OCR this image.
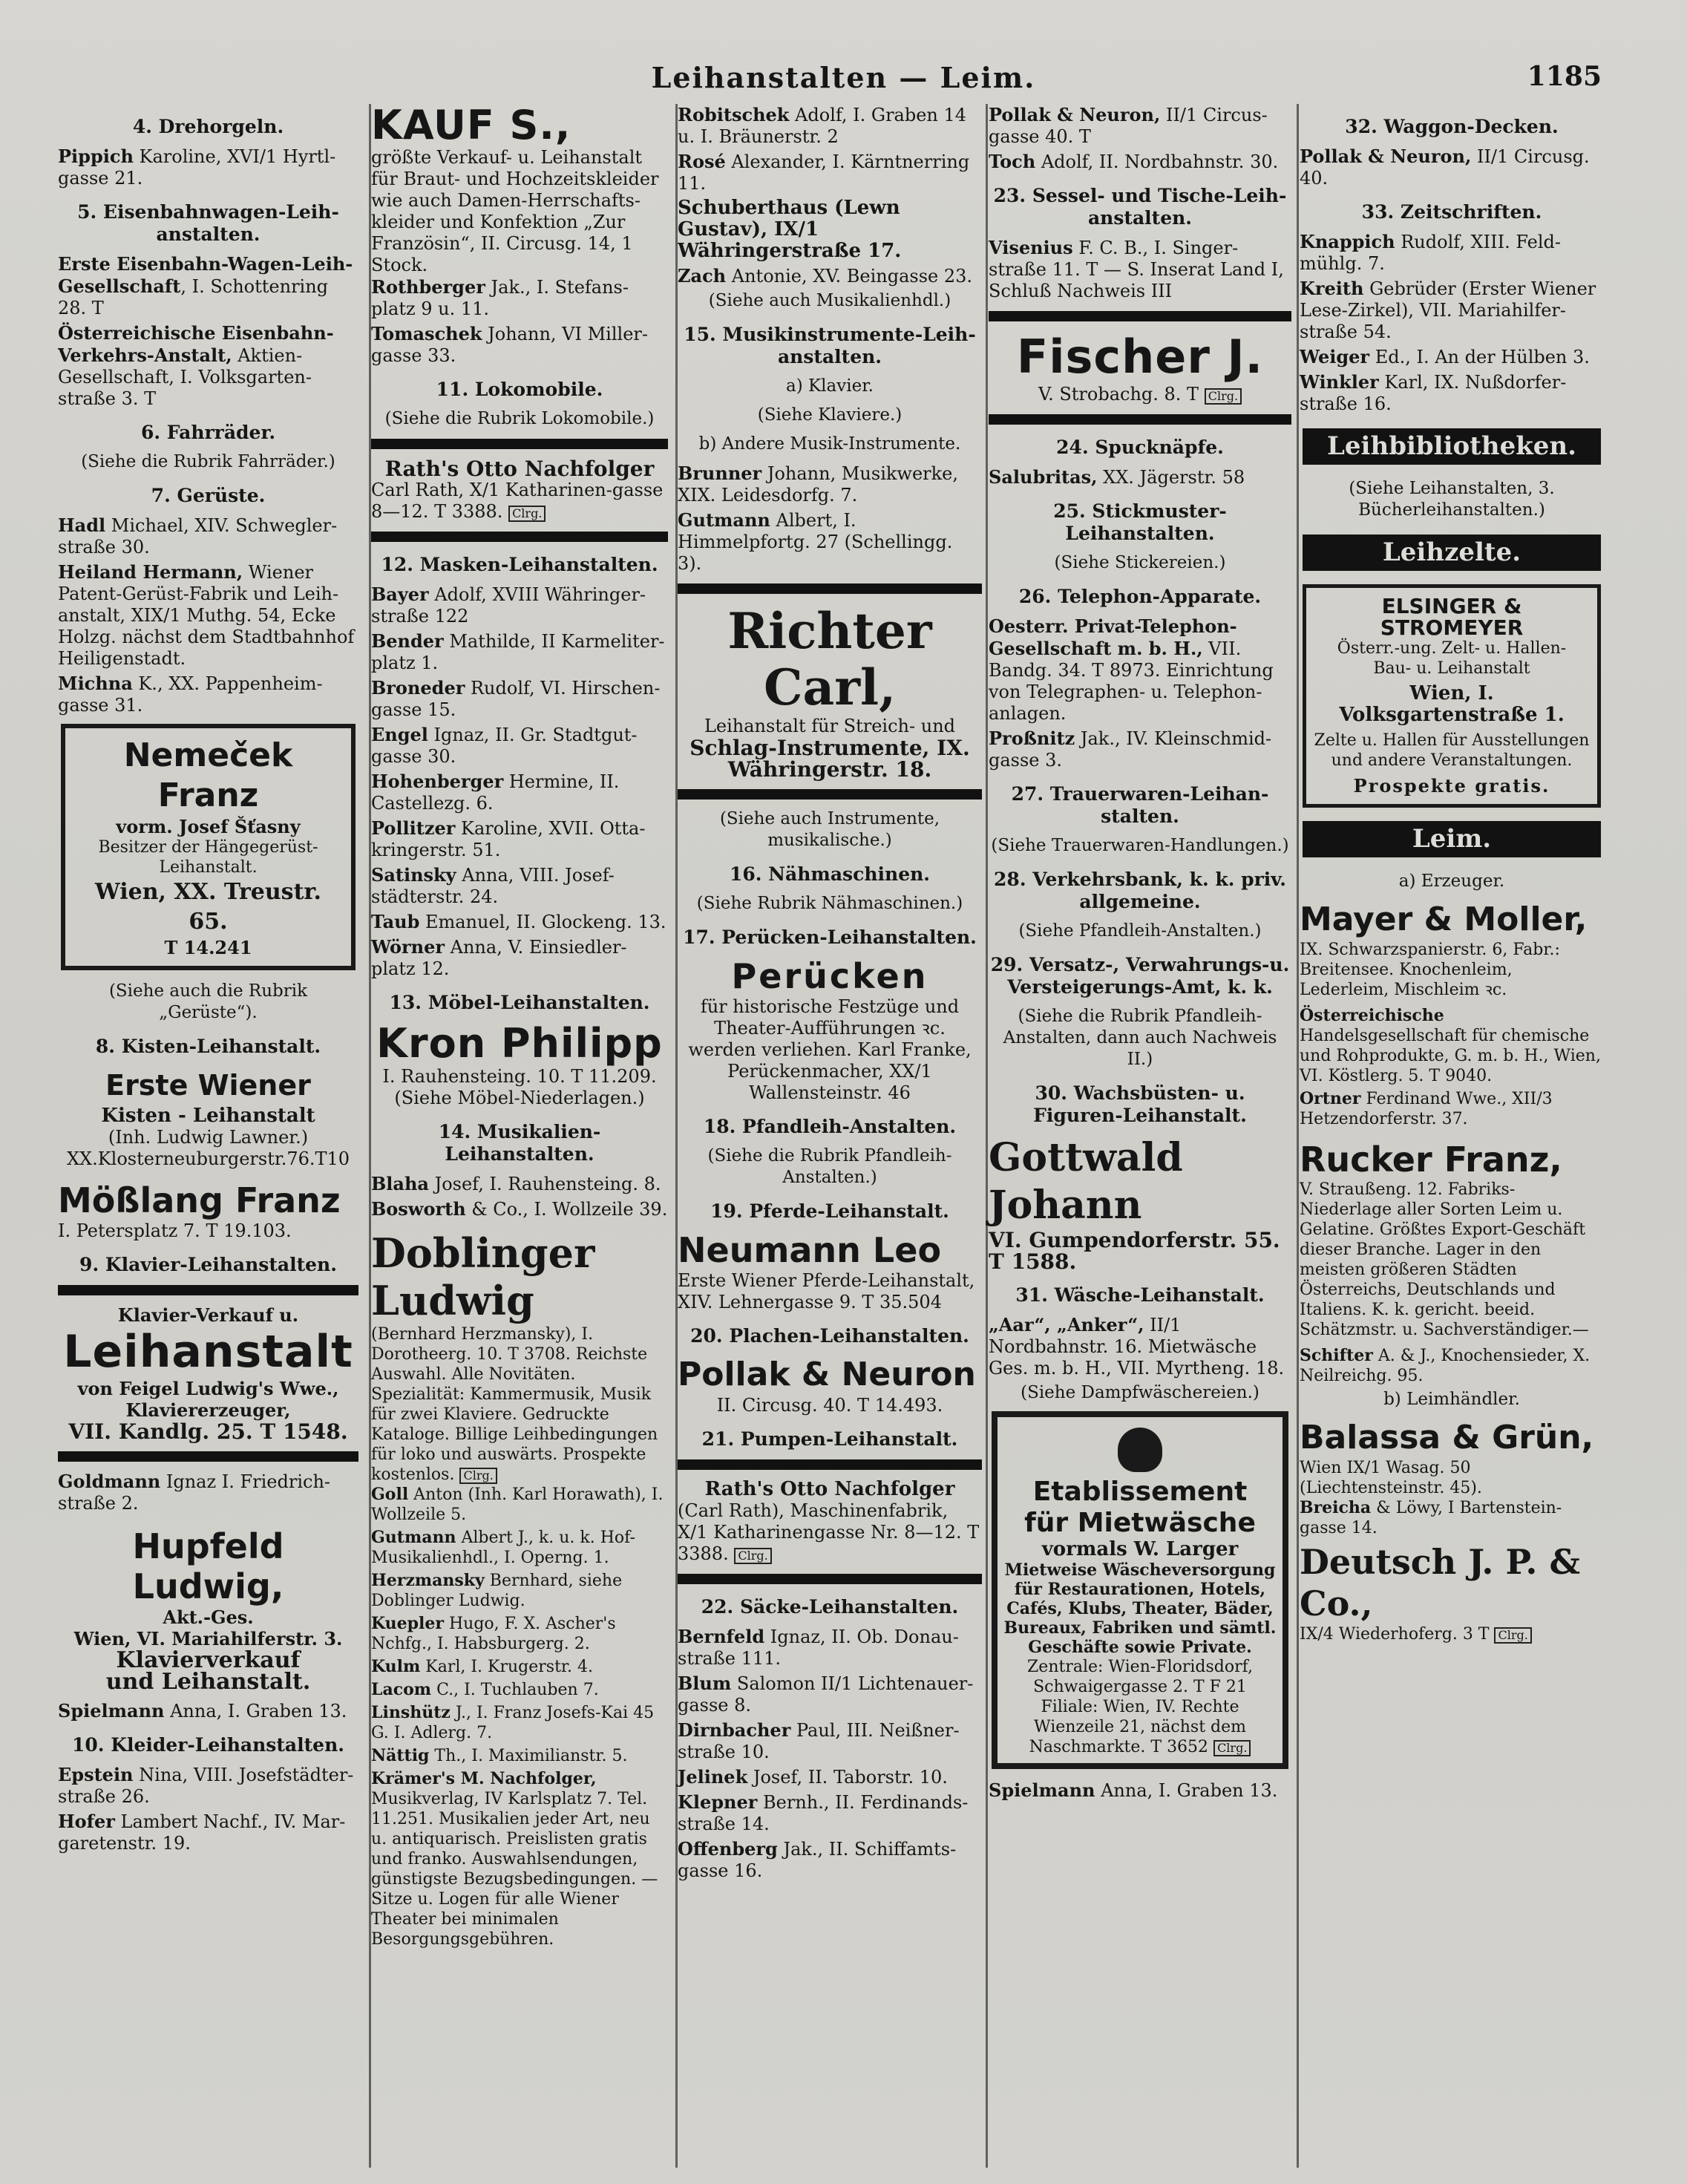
Leihanstalten — Leim.	1185
4. Drehorgeln.
Pippich Karoline, XVI/1 Hyrtl-gasse 21.
5. Eisenbahnwagen-Leih-anstalten.
Erste Eisenbahn-Wagen-Leih-Gesellschaft, I. Schottenring 28. T
Österreichische Eisenbahn-Verkehrs-Anstalt, Aktien-Gesellschaft, I. Volksgarten-straße 3. T
6. Fahrräder.
(Siehe die Rubrik Fahrräder.)
7. Gerüste.
Hadl Michael, XIV. Schwegler-straße 30.
Heiland Hermann, Wiener Patent-Gerüst-Fabrik und Leih-anstalt, XIX/1 Muthg. 54, Ecke Holzg. nächst dem Stadtbahnhof Heiligenstadt.
Michna K., XX. Pappenheim-gasse 31.
Nemeček Franz
vorm. Josef Šťasny
Besitzer der Hängegerüst-Leihanstalt.
Wien, XX. Treustr. 65.
T 14.241
(Siehe auch die Rubrik „Gerüste“).
8. Kisten-Leihanstalt.
Erste Wiener
Kisten - Leihanstalt
(Inh. Ludwig Lawner.)
XX.Klosterneuburgerstr.76.T10
Mößlang Franz
I. Petersplatz 7. T 19.103.
9. Klavier-Leihanstalten.
Klavier-Verkauf u.
Leihanstalt
von Feigel Ludwig's Wwe.,
Klaviererzeuger,
VII. Kandlg. 25. T 1548.
Goldmann Ignaz I. Friedrich-straße 2.
Hupfeld Ludwig,
Akt.-Ges.
Wien, VI. Mariahilferstr. 3.
Klavierverkauf
und Leihanstalt.
Spielmann Anna, I. Graben 13.
10. Kleider-Leihanstalten.
Epstein Nina, VIII. Josefstädter-straße 26.
Hofer Lambert Nachf., IV. Mar-garetenstr. 19.
KAUF S.,
größte Verkauf- u. Leihanstalt für Braut- und Hochzeitskleider wie auch Damen-Herrschafts-kleider und Konfektion „Zur Französin“, II. Circusg. 14, 1 Stock.
Rothberger Jak., I. Stefans-platz 9 u. 11.
Tomaschek Johann, VI Miller-gasse 33.
11. Lokomobile.
(Siehe die Rubrik Lokomobile.)
Rath's Otto Nachfolger
Carl Rath, X/1 Katharinen-gasse 8—12. T 3388. Clrg.
12. Masken-Leihanstalten.
Bayer Adolf, XVIII Währinger-straße 122
Bender Mathilde, II Karmeliter-platz 1.
Broneder Rudolf, VI. Hirschen-gasse 15.
Engel Ignaz, II. Gr. Stadtgut-gasse 30.
Hohenberger Hermine, II. Castellezg. 6.
Pollitzer Karoline, XVII. Otta-kringerstr. 51.
Satinsky Anna, VIII. Josef-städterstr. 24.
Taub Emanuel, II. Glockeng. 13.
Wörner Anna, V. Einsiedler-platz 12.
13. Möbel-Leihanstalten.
Kron Philipp
I. Rauhensteing. 10. T 11.209.
(Siehe Möbel-Niederlagen.)
14. Musikalien-Leihanstalten.
Blaha Josef, I. Rauhensteing. 8.
Bosworth & Co., I. Wollzeile 39.
Doblinger Ludwig
(Bernhard Herzmansky), I. Dorotheerg. 10. T 3708. Reichste Auswahl. Alle Novitäten. Spezialität: Kammermusik, Musik für zwei Klaviere. Gedruckte Kataloge. Billige Leihbedingungen für loko und auswärts. Prospekte kostenlos. Clrg.
Goll Anton (Inh. Karl Horawath), I. Wollzeile 5.
Gutmann Albert J., k. u. k. Hof-Musikalienhdl., I. Operng. 1.
Herzmansky Bernhard, siehe Doblinger Ludwig.
Kuepler Hugo, F. X. Ascher's Nchfg., I. Habsburgerg. 2.
Kulm Karl, I. Krugerstr. 4.
Lacom C., I. Tuchlauben 7.
Linshütz J., I. Franz Josefs-Kai 45 G. I. Adlerg. 7.
Nättig Th., I. Maximilianstr. 5.
Krämer's M. Nachfolger, Musikverlag, IV Karlsplatz 7. Tel. 11.251. Musikalien jeder Art, neu u. antiquarisch. Preislisten gratis und franko. Auswahlsendungen, günstigste Bezugsbedingungen. — Sitze u. Logen für alle Wiener Theater bei minimalen Besorgungsgebühren.
Robitschek Adolf, I. Graben 14 u. I. Bräunerstr. 2
Rosé Alexander, I. Kärntnerring 11.
Schuberthaus (Lewn Gustav), IX/1 Währingerstraße 17.
Zach Antonie, XV. Beingasse 23.
(Siehe auch Musikalienhdl.)
15. Musikinstrumente-Leih-anstalten.
a) Klavier.
(Siehe Klaviere.)
b) Andere Musik-Instrumente.
Brunner Johann, Musikwerke, XIX. Leidesdorfg. 7.
Gutmann Albert, I. Himmelpfortg. 27 (Schellingg. 3).
Richter Carl,
Leihanstalt für Streich- und
Schlag-Instrumente, IX.
Währingerstr. 18.
(Siehe auch Instrumente, musikalische.)
16. Nähmaschinen.
(Siehe Rubrik Nähmaschinen.)
17. Perücken-Leihanstalten.
Perücken
für historische Festzüge und Theater-Aufführungen ꝛc. werden verliehen. Karl Franke, Perückenmacher, XX/1 Wallensteinstr. 46
18. Pfandleih-Anstalten.
(Siehe die Rubrik Pfandleih-Anstalten.)
19. Pferde-Leihanstalt.
Neumann Leo
Erste Wiener Pferde-Leihanstalt, XIV. Lehnergasse 9. T 35.504
20. Plachen-Leihanstalten.
Pollak & Neuron
II. Circusg. 40. T 14.493.
21. Pumpen-Leihanstalt.
Rath's Otto Nachfolger
(Carl Rath), Maschinenfabrik, X/1 Katharinengasse Nr. 8—12. T 3388. Clrg.
22. Säcke-Leihanstalten.
Bernfeld Ignaz, II. Ob. Donau-straße 111.
Blum Salomon II/1 Lichtenauer-gasse 8.
Dirnbacher Paul, III. Neißner-straße 10.
Jelinek Josef, II. Taborstr. 10.
Klepner Bernh., II. Ferdinands-straße 14.
Offenberg Jak., II. Schiffamts-gasse 16.
Pollak & Neuron, II/1 Circus-gasse 40. T
Toch Adolf, II. Nordbahnstr. 30.
23. Sessel- und Tische-Leih-anstalten.
Visenius F. C. B., I. Singer-straße 11. T — S. Inserat Land I, Schluß Nachweis III
Fischer J.
V. Strobachg. 8. T Clrg.
24. Spucknäpfe.
Salubritas, XX. Jägerstr. 58
25. Stickmuster-Leihanstalten.
(Siehe Stickereien.)
26. Telephon-Apparate.
Oesterr. Privat-Telephon-Gesellschaft m. b. H., VII. Bandg. 34. T 8973. Einrichtung von Telegraphen- u. Telephon-anlagen.
Proßnitz Jak., IV. Kleinschmid-gasse 3.
27. Trauerwaren-Leihan-stalten.
(Siehe Trauerwaren-Handlungen.)
28. Verkehrsbank, k. k. priv. allgemeine.
(Siehe Pfandleih-Anstalten.)
29. Versatz-, Verwahrungs-u. Versteigerungs-Amt, k. k.
(Siehe die Rubrik Pfandleih-Anstalten, dann auch Nachweis II.)
30. Wachsbüsten- u. Figuren-Leihanstalt.
Gottwald Johann
VI. Gumpendorferstr. 55. T 1588.
31. Wäsche-Leihanstalt.
„Aar“, „Anker“, II/1 Nordbahnstr. 16. Mietwäsche Ges. m. b. H., VII. Myrtheng. 18.
(Siehe Dampfwäschereien.)
Etablissement
für Mietwäsche
vormals W. Larger
Mietweise Wäscheversorgung für Restaurationen, Hotels, Cafés, Klubs, Theater, Bäder, Bureaux, Fabriken und sämtl. Geschäfte sowie Private.
Zentrale: Wien-Floridsdorf, Schwaigergasse 2. T F 21
Filiale: Wien, IV. Rechte Wienzeile 21, nächst dem Naschmarkte. T 3652 Clrg.
Spielmann Anna, I. Graben 13.
32. Waggon-Decken.
Pollak & Neuron, II/1 Circusg. 40.
33. Zeitschriften.
Knappich Rudolf, XIII. Feld-mühlg. 7.
Kreith Gebrüder (Erster Wiener Lese-Zirkel), VII. Mariahilfer-straße 54.
Weiger Ed., I. An der Hülben 3.
Winkler Karl, IX. Nußdorfer-straße 16.
Leihbibliotheken.
(Siehe Leihanstalten, 3. Bücherleihanstalten.)
Leihzelte.
ELSINGER & STROMEYER
Österr.-ung. Zelt- u. Hallen-
Bau- u. Leihanstalt
Wien, I. Volksgartenstraße 1.
Zelte u. Hallen für Ausstellungen und andere Veranstaltungen.
Prospekte gratis.
Leim.
a) Erzeuger.
Mayer & Moller,
IX. Schwarzspanierstr. 6, Fabr.: Breitensee. Knochenleim, Lederleim, Mischleim ꝛc.
Österreichische Handelsgesellschaft für chemische und Rohprodukte, G. m. b. H., Wien, VI. Köstlerg. 5. T 9040.
Ortner Ferdinand Wwe., XII/3 Hetzendorferstr. 37.
Rucker Franz,
V. Straußeng. 12. Fabriks-Niederlage aller Sorten Leim u. Gelatine. Größtes Export-Geschäft dieser Branche. Lager in den meisten größeren Städten Österreichs, Deutschlands und Italiens. K. k. gericht. beeid. Schätzmstr. u. Sachverständiger.—
Schifter A. & J., Knochensieder, X. Neilreichg. 95.
b) Leimhändler.
Balassa & Grün,
Wien IX/1 Wasag. 50 (Liechtensteinstr. 45).
Breicha & Löwy, I Bartenstein-gasse 14.
Deutsch J. P. & Co.,
IX/4 Wiederhoferg. 3 T Clrg.
